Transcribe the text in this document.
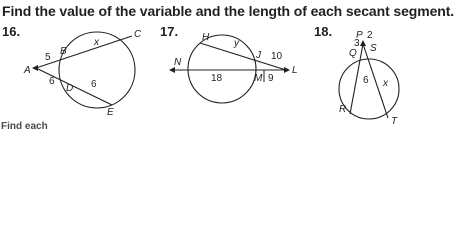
Find the value of the variable and the length of each secant segment.
16.	17.	18.
A
B
C
D
E
5
6	6
x	H
J
L
M
N
y
10
18	9
P
Q S
R
T
3
2
6 x
Find each
